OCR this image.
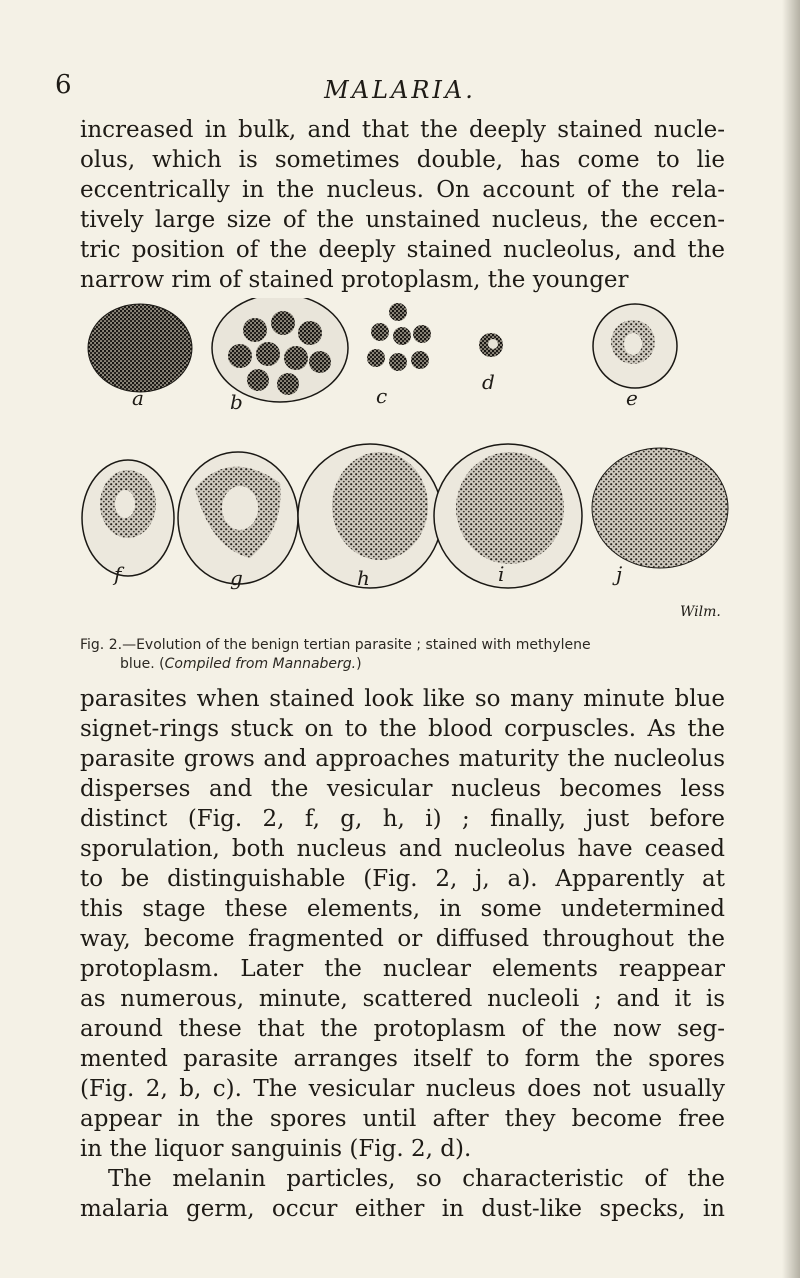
6	MALARIA.

increased in bulk, and that the deeply stained nucle-
olus, which is sometimes double, has come to lie
eccentrically in the nucleus. On account of the rela-
tively large size of the unstained nucleus, the eccen-
tric position of the deeply stained nucleolus, and the
narrow rim of stained protoplasm, the younger

a	b	c
d
e
f	g	h	i	j
Wilm.
Fig. 2.—Evolution of the benign tertian parasite ; stained with methylene
blue. (Compiled from Mannaberg.)

parasites when stained look like so many minute blue
signet-rings stuck on to the blood corpuscles. As the
parasite grows and approaches maturity the nucleolus
disperses and the vesicular nucleus becomes less
distinct (Fig. 2, f, g, h, i) ; finally, just before
sporulation, both nucleus and nucleolus have ceased
to be distinguishable (Fig. 2, j, a). Apparently at
this stage these elements, in some undetermined
way, become fragmented or diffused throughout the
protoplasm. Later the nuclear elements reappear
as numerous, minute, scattered nucleoli ; and it is
around these that the protoplasm of the now seg-
mented parasite arranges itself to form the spores
(Fig. 2, b, c). The vesicular nucleus does not usually
appear in the spores until after they become free
in the liquor sanguinis (Fig. 2, d).
The melanin particles, so characteristic of the
malaria germ, occur either in dust-like specks, in
